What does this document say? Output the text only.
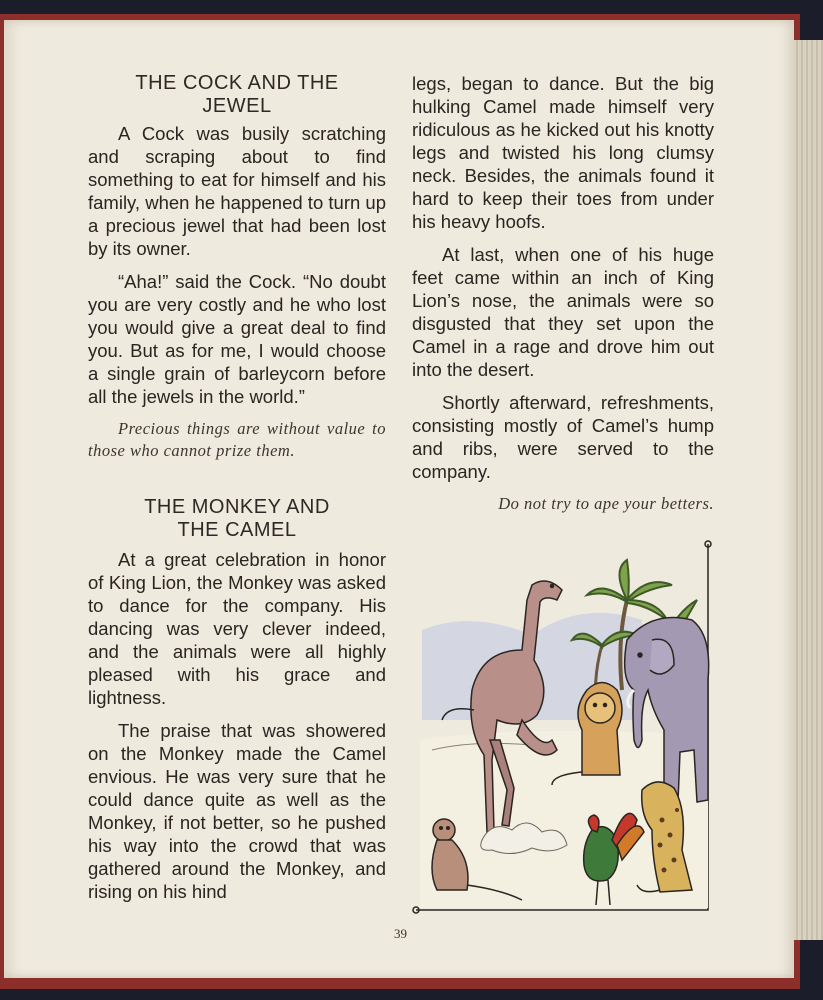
THE COCK AND THE JEWEL

A Cock was busily scratching and scraping about to find something to eat for himself and his family, when he happened to turn up a precious jewel that had been lost by its owner.

“Aha!” said the Cock. “No doubt you are very costly and he who lost you would give a great deal to find you. But as for me, I would choose a single grain of barleycorn before all the jewels in the world.”

Precious things are without value to those who cannot prize them.

THE MONKEY AND THE CAMEL

At a great celebration in honor of King Lion, the Monkey was asked to dance for the company. His dancing was very clever indeed, and the animals were all highly pleased with his grace and lightness.

The praise that was showered on the Monkey made the Camel envious. He was very sure that he could dance quite as well as the Monkey, if not better, so he pushed his way into the crowd that was gathered around the Monkey, and rising on his hind

legs, began to dance. But the big hulking Camel made himself very ridiculous as he kicked out his knotty legs and twisted his long clumsy neck. Besides, the animals found it hard to keep their toes from under his heavy hoofs.

At last, when one of his huge feet came within an inch of King Lion’s nose, the animals were so disgusted that they set upon the Camel in a rage and drove him out into the desert.

Shortly afterward, refreshments, consisting mostly of Camel’s hump and ribs, were served to the company.

Do not try to ape your betters.

39
